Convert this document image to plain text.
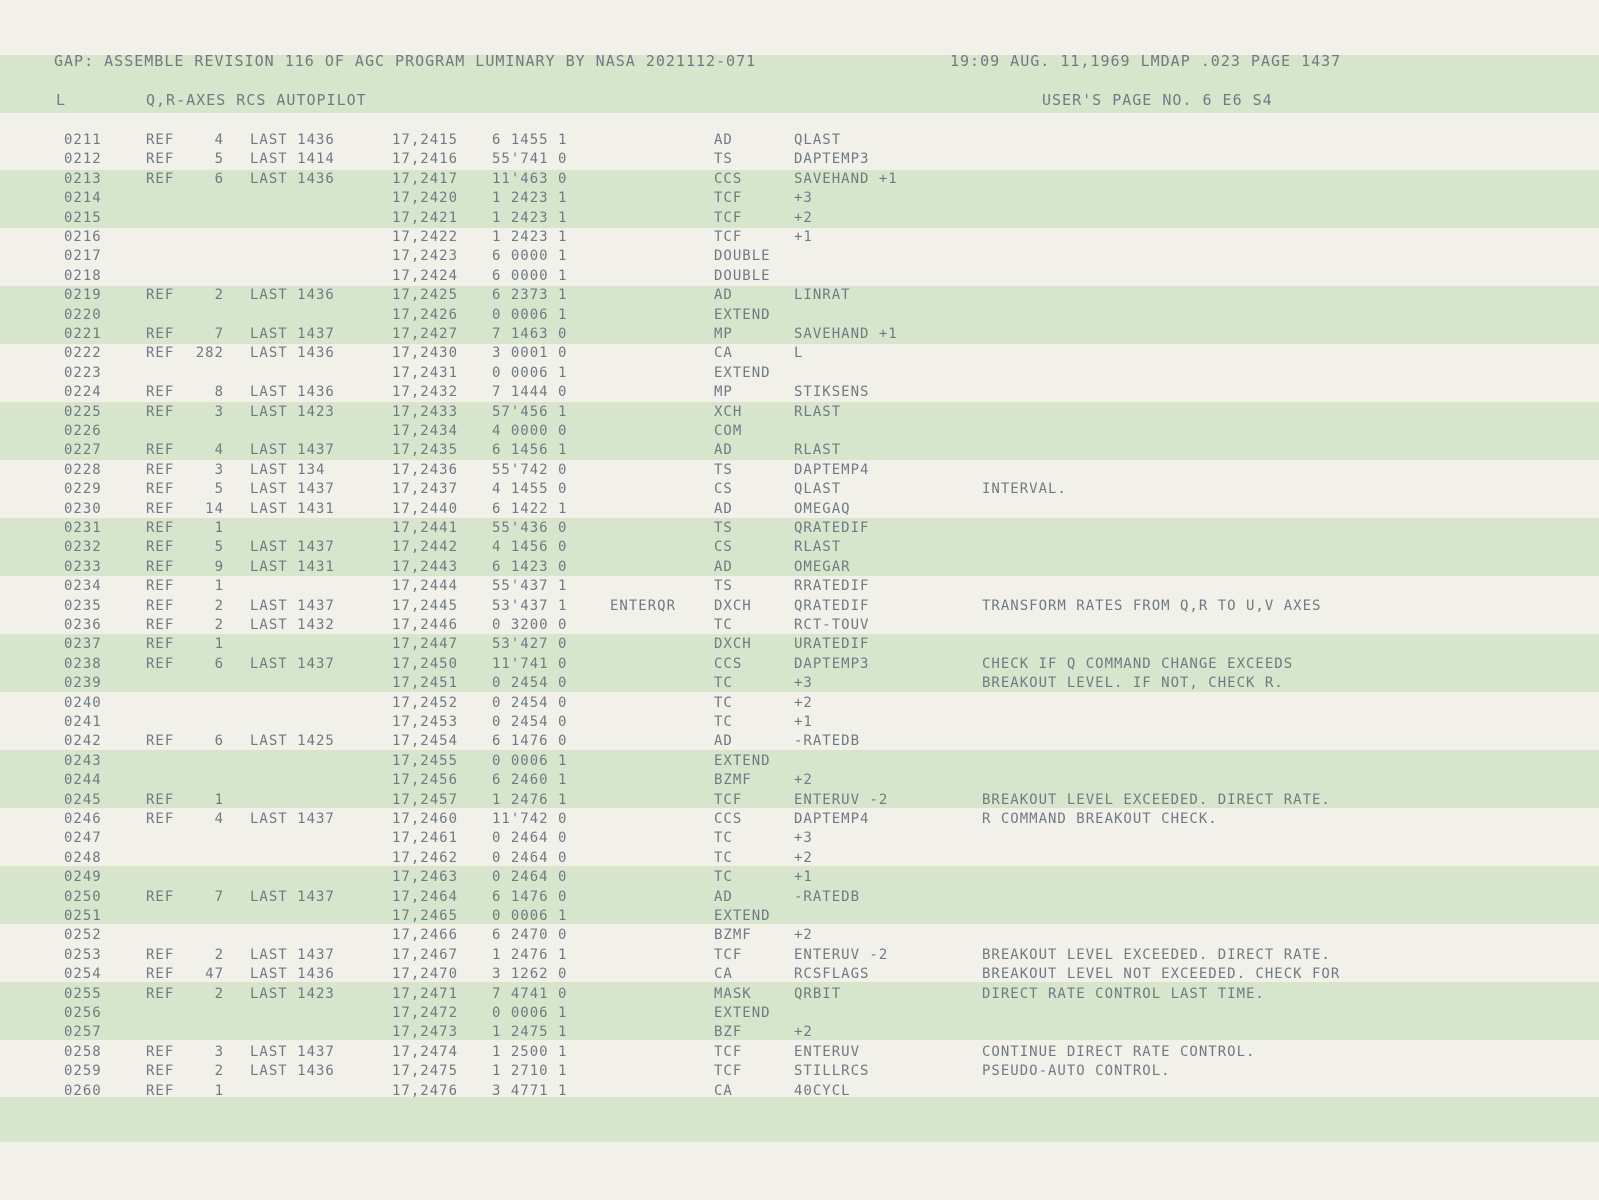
GAP: ASSEMBLE REVISION 116 OF AGC PROGRAM LUMINARY BY NASA 2021112-071	19:09 AUG. 11,1969 LMDAP .023 PAGE 1437
L	Q,R-AXES RCS AUTOPILOT	USER'S PAGE NO. 6 E6 S4
0211	REF	4 LAST 1436	17,2415 6 1455 1	AD	QLAST
0212	REF	5 LAST 1414	17,2416 55'741 0	TS	DAPTEMP3
0213	REF	6 LAST 1436	17,2417 11'463 0	CCS	SAVEHAND +1
0214	17,2420 1 2423 1	TCF	+3
0215	17,2421 1 2423 1	TCF	+2
0216	17,2422 1 2423 1	TCF	+1
0217	17,2423 6 0000 1	DOUBLE
0218	17,2424 6 0000 1	DOUBLE
0219	REF	2 LAST 1436	17,2425 6 2373 1	AD	LINRAT
0220	17,2426 0 0006 1	EXTEND
0221	REF	7 LAST 1437	17,2427 7 1463 0	MP	SAVEHAND +1
0222	REF	282 LAST 1436	17,2430 3 0001 0	CA	L
0223	17,2431 0 0006 1	EXTEND
0224	REF	8 LAST 1436	17,2432 7 1444 0	MP	STIKSENS
0225	REF	3 LAST 1423	17,2433 57'456 1	XCH	RLAST
0226	17,2434 4 0000 0	COM
0227	REF	4 LAST 1437	17,2435 6 1456 1	AD	RLAST
0228	REF	3 LAST 134	17,2436 55'742 0	TS	DAPTEMP4
0229	REF	5 LAST 1437	17,2437 4 1455 0	CS	QLAST	INTERVAL.
0230	REF	14 LAST 1431	17,2440 6 1422 1	AD	OMEGAQ
0231	REF	1	17,2441 55'436 0	TS	QRATEDIF
0232	REF	5 LAST 1437	17,2442 4 1456 0	CS	RLAST
0233	REF	9 LAST 1431	17,2443 6 1423 0	AD	OMEGAR
0234	REF	1	17,2444 55'437 1	TS	RRATEDIF
0235	REF	2 LAST 1437	17,2445 53'437 1	ENTERQR	DXCH	QRATEDIF	TRANSFORM RATES FROM Q,R TO U,V AXES
0236	REF	2 LAST 1432	17,2446 0 3200 0	TC	RCT-TOUV
0237	REF	1	17,2447 53'427 0	DXCH	URATEDIF
0238	REF	6 LAST 1437	17,2450 11'741 0	CCS	DAPTEMP3	CHECK IF Q COMMAND CHANGE EXCEEDS
0239	17,2451 0 2454 0	TC	+3	BREAKOUT LEVEL. IF NOT, CHECK R.
0240	17,2452 0 2454 0	TC	+2
0241	17,2453 0 2454 0	TC	+1
0242	REF	6 LAST 1425	17,2454 6 1476 0	AD	-RATEDB
0243	17,2455 0 0006 1	EXTEND
0244	17,2456 6 2460 1	BZMF	+2
0245	REF	1	17,2457 1 2476 1	TCF	ENTERUV -2	BREAKOUT LEVEL EXCEEDED. DIRECT RATE.
0246	REF	4 LAST 1437	17,2460 11'742 0	CCS	DAPTEMP4	R COMMAND BREAKOUT CHECK.
0247	17,2461 0 2464 0	TC	+3
0248	17,2462 0 2464 0	TC	+2
0249	17,2463 0 2464 0	TC	+1
0250	REF	7 LAST 1437	17,2464 6 1476 0	AD	-RATEDB
0251	17,2465 0 0006 1	EXTEND
0252	17,2466 6 2470 0	BZMF	+2
0253	REF	2 LAST 1437	17,2467 1 2476 1	TCF	ENTERUV -2	BREAKOUT LEVEL EXCEEDED. DIRECT RATE.
0254	REF	47 LAST 1436	17,2470 3 1262 0	CA	RCSFLAGS	BREAKOUT LEVEL NOT EXCEEDED. CHECK FOR
0255	REF	2 LAST 1423	17,2471 7 4741 0	MASK	QRBIT	DIRECT RATE CONTROL LAST TIME.
0256	17,2472 0 0006 1	EXTEND
0257	17,2473 1 2475 1	BZF	+2
0258	REF	3 LAST 1437	17,2474 1 2500 1	TCF	ENTERUV	CONTINUE DIRECT RATE CONTROL.
0259	REF	2 LAST 1436	17,2475 1 2710 1	TCF	STILLRCS	PSEUDO-AUTO CONTROL.
0260	REF	1	17,2476 3 4771 1	CA	40CYCL
